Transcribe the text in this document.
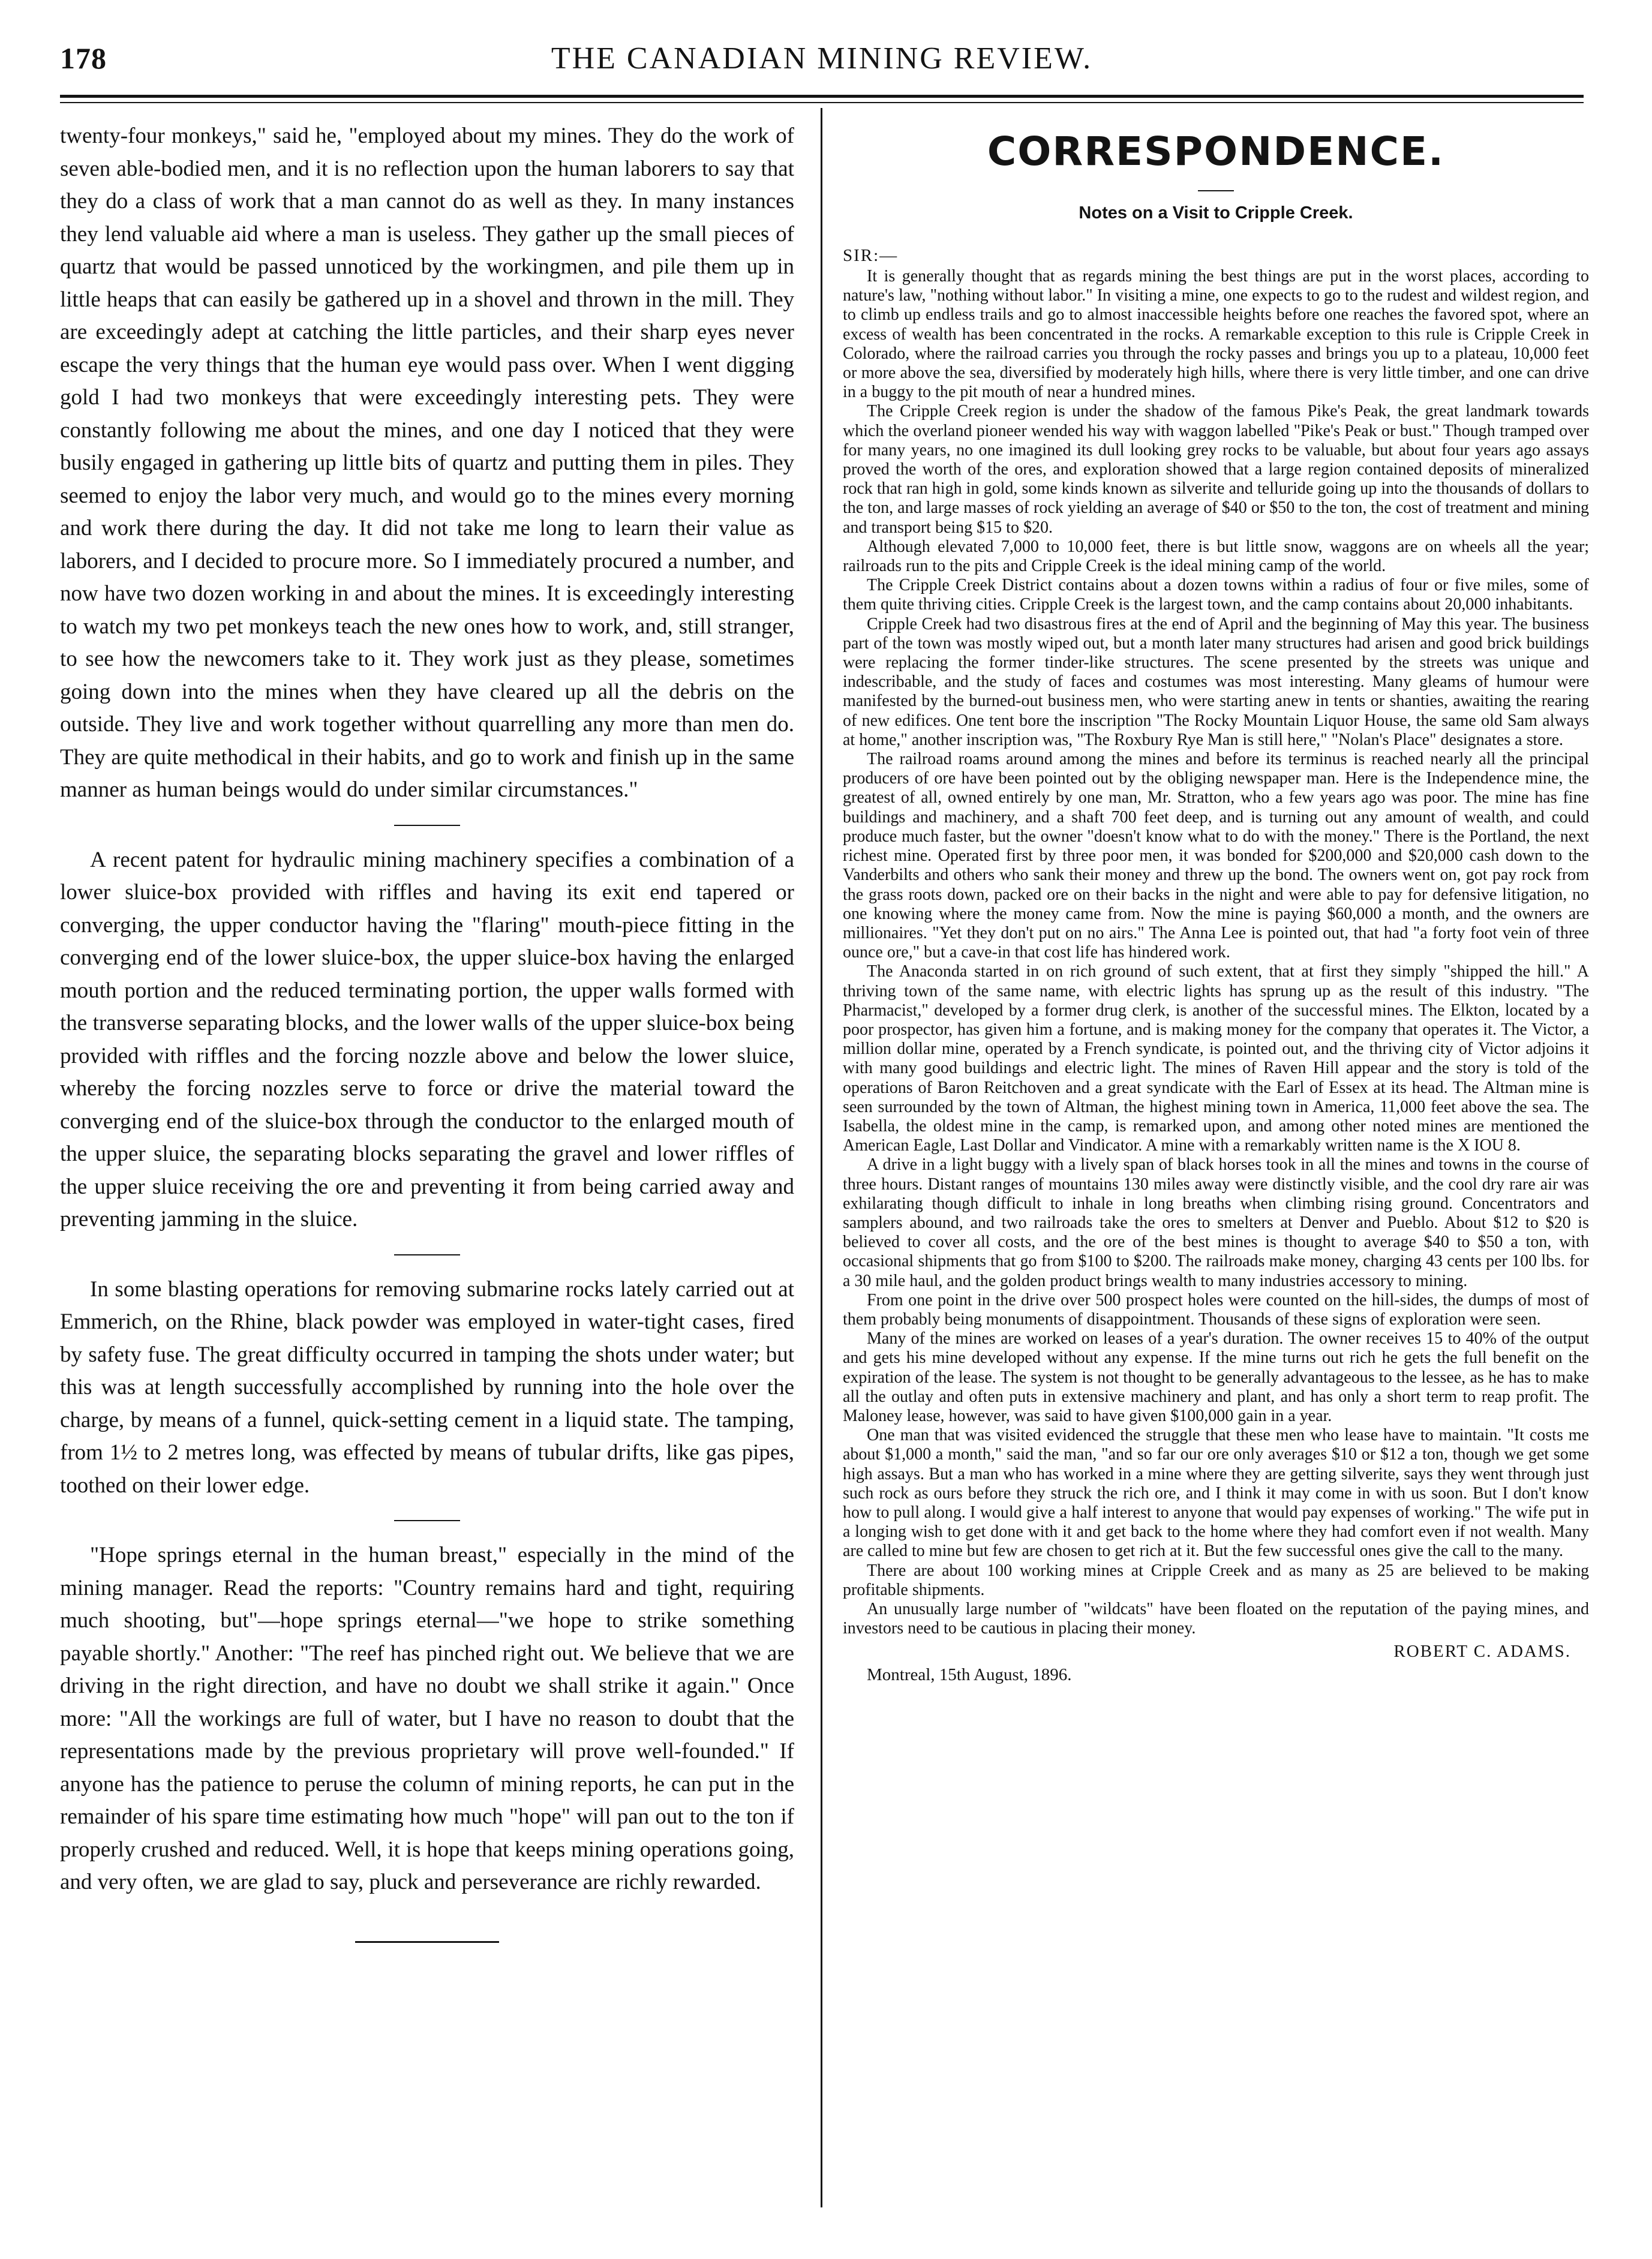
178	THE CANADIAN MINING REVIEW.

twenty-four monkeys," said he, "employed about my mines. They do the work of seven able-bodied men, and it is no reflection upon the human laborers to say that they do a class of work that a man cannot do as well as they. In many instances they lend valuable aid where a man is useless. They gather up the small pieces of quartz that would be passed unnoticed by the workingmen, and pile them up in little heaps that can easily be gathered up in a shovel and thrown in the mill. They are exceedingly adept at catching the little particles, and their sharp eyes never escape the very things that the human eye would pass over. When I went digging gold I had two monkeys that were exceedingly interesting pets. They were constantly following me about the mines, and one day I noticed that they were busily engaged in gathering up little bits of quartz and putting them in piles. They seemed to enjoy the labor very much, and would go to the mines every morning and work there during the day. It did not take me long to learn their value as laborers, and I decided to procure more. So I immediately procured a number, and now have two dozen working in and about the mines. It is exceedingly interesting to watch my two pet monkeys teach the new ones how to work, and, still stranger, to see how the newcomers take to it. They work just as they please, sometimes going down into the mines when they have cleared up all the debris on the outside. They live and work together without quarrelling any more than men do. They are quite methodical in their habits, and go to work and finish up in the same manner as human beings would do under similar circumstances."

A recent patent for hydraulic mining machinery specifies a combination of a lower sluice-box provided with riffles and having its exit end tapered or converging, the upper conductor having the "flaring" mouth-piece fitting in the converging end of the lower sluice-box, the upper sluice-box having the enlarged mouth portion and the reduced terminating portion, the upper walls formed with the transverse separating blocks, and the lower walls of the upper sluice-box being provided with riffles and the forcing nozzle above and below the lower sluice, whereby the forcing nozzles serve to force or drive the material toward the converging end of the sluice-box through the conductor to the enlarged mouth of the upper sluice, the separating blocks separating the gravel and lower riffles of the upper sluice receiving the ore and preventing it from being carried away and preventing jamming in the sluice.

In some blasting operations for removing submarine rocks lately carried out at Emmerich, on the Rhine, black powder was employed in water-tight cases, fired by safety fuse. The great difficulty occurred in tamping the shots under water; but this was at length successfully accomplished by running into the hole over the charge, by means of a funnel, quick-setting cement in a liquid state. The tamping, from 1½ to 2 metres long, was effected by means of tubular drifts, like gas pipes, toothed on their lower edge.

"Hope springs eternal in the human breast," especially in the mind of the mining manager. Read the reports: "Country remains hard and tight, requiring much shooting, but"—hope springs eternal—"we hope to strike something payable shortly." Another: "The reef has pinched right out. We believe that we are driving in the right direction, and have no doubt we shall strike it again." Once more: "All the workings are full of water, but I have no reason to doubt that the representations made by the previous proprietary will prove well-founded." If anyone has the patience to peruse the column of mining reports, he can put in the remainder of his spare time estimating how much "hope" will pan out to the ton if properly crushed and reduced. Well, it is hope that keeps mining operations going, and very often, we are glad to say, pluck and perseverance are richly rewarded.

CORRESPONDENCE.
Notes on a Visit to Cripple Creek.
SIR:—

It is generally thought that as regards mining the best things are put in the worst places, according to nature's law, "nothing without labor." In visiting a mine, one expects to go to the rudest and wildest region, and to climb up endless trails and go to almost inaccessible heights before one reaches the favored spot, where an excess of wealth has been concentrated in the rocks. A remarkable exception to this rule is Cripple Creek in Colorado, where the railroad carries you through the rocky passes and brings you up to a plateau, 10,000 feet or more above the sea, diversified by moderately high hills, where there is very little timber, and one can drive in a buggy to the pit mouth of near a hundred mines.

The Cripple Creek region is under the shadow of the famous Pike's Peak, the great landmark towards which the overland pioneer wended his way with waggon labelled "Pike's Peak or bust." Though tramped over for many years, no one imagined its dull looking grey rocks to be valuable, but about four years ago assays proved the worth of the ores, and exploration showed that a large region contained deposits of mineralized rock that ran high in gold, some kinds known as silverite and telluride going up into the thousands of dollars to the ton, and large masses of rock yielding an average of $40 or $50 to the ton, the cost of treatment and mining and transport being $15 to $20.

Although elevated 7,000 to 10,000 feet, there is but little snow, waggons are on wheels all the year; railroads run to the pits and Cripple Creek is the ideal mining camp of the world.

The Cripple Creek District contains about a dozen towns within a radius of four or five miles, some of them quite thriving cities. Cripple Creek is the largest town, and the camp contains about 20,000 inhabitants.

Cripple Creek had two disastrous fires at the end of April and the beginning of May this year. The business part of the town was mostly wiped out, but a month later many structures had arisen and good brick buildings were replacing the former tinder-like structures. The scene presented by the streets was unique and indescribable, and the study of faces and costumes was most interesting. Many gleams of humour were manifested by the burned-out business men, who were starting anew in tents or shanties, awaiting the rearing of new edifices. One tent bore the inscription "The Rocky Mountain Liquor House, the same old Sam always at home," another inscription was, "The Roxbury Rye Man is still here," "Nolan's Place" designates a store.

The railroad roams around among the mines and before its terminus is reached nearly all the principal producers of ore have been pointed out by the obliging newspaper man. Here is the Independence mine, the greatest of all, owned entirely by one man, Mr. Stratton, who a few years ago was poor. The mine has fine buildings and machinery, and a shaft 700 feet deep, and is turning out any amount of wealth, and could produce much faster, but the owner "doesn't know what to do with the money." There is the Portland, the next richest mine. Operated first by three poor men, it was bonded for $200,000 and $20,000 cash down to the Vanderbilts and others who sank their money and threw up the bond. The owners went on, got pay rock from the grass roots down, packed ore on their backs in the night and were able to pay for defensive litigation, no one knowing where the money came from. Now the mine is paying $60,000 a month, and the owners are millionaires. "Yet they don't put on no airs." The Anna Lee is pointed out, that had "a forty foot vein of three ounce ore," but a cave-in that cost life has hindered work.

The Anaconda started in on rich ground of such extent, that at first they simply "shipped the hill." A thriving town of the same name, with electric lights has sprung up as the result of this industry. "The Pharmacist," developed by a former drug clerk, is another of the successful mines. The Elkton, located by a poor prospector, has given him a fortune, and is making money for the company that operates it. The Victor, a million dollar mine, operated by a French syndicate, is pointed out, and the thriving city of Victor adjoins it with many good buildings and electric light. The mines of Raven Hill appear and the story is told of the operations of Baron Reitchoven and a great syndicate with the Earl of Essex at its head. The Altman mine is seen surrounded by the town of Altman, the highest mining town in America, 11,000 feet above the sea. The Isabella, the oldest mine in the camp, is remarked upon, and among other noted mines are mentioned the American Eagle, Last Dollar and Vindicator. A mine with a remarkably written name is the X IOU 8.

A drive in a light buggy with a lively span of black horses took in all the mines and towns in the course of three hours. Distant ranges of mountains 130 miles away were distinctly visible, and the cool dry rare air was exhilarating though difficult to inhale in long breaths when climbing rising ground. Concentrators and samplers abound, and two railroads take the ores to smelters at Denver and Pueblo. About $12 to $20 is believed to cover all costs, and the ore of the best mines is thought to average $40 to $50 a ton, with occasional shipments that go from $100 to $200. The railroads make money, charging 43 cents per 100 lbs. for a 30 mile haul, and the golden product brings wealth to many industries accessory to mining.

From one point in the drive over 500 prospect holes were counted on the hill-sides, the dumps of most of them probably being monuments of disappointment. Thousands of these signs of exploration were seen.

Many of the mines are worked on leases of a year's duration. The owner receives 15 to 40% of the output and gets his mine developed without any expense. If the mine turns out rich he gets the full benefit on the expiration of the lease. The system is not thought to be generally advantageous to the lessee, as he has to make all the outlay and often puts in extensive machinery and plant, and has only a short term to reap profit. The Maloney lease, however, was said to have given $100,000 gain in a year.

One man that was visited evidenced the struggle that these men who lease have to maintain. "It costs me about $1,000 a month," said the man, "and so far our ore only averages $10 or $12 a ton, though we get some high assays. But a man who has worked in a mine where they are getting silverite, says they went through just such rock as ours before they struck the rich ore, and I think it may come in with us soon. But I don't know how to pull along. I would give a half interest to anyone that would pay expenses of working." The wife put in a longing wish to get done with it and get back to the home where they had comfort even if not wealth. Many are called to mine but few are chosen to get rich at it. But the few successful ones give the call to the many.

There are about 100 working mines at Cripple Creek and as many as 25 are believed to be making profitable shipments.

An unusually large number of "wildcats" have been floated on the reputation of the paying mines, and investors need to be cautious in placing their money.

ROBERT C. ADAMS.
Montreal, 15th August, 1896.
